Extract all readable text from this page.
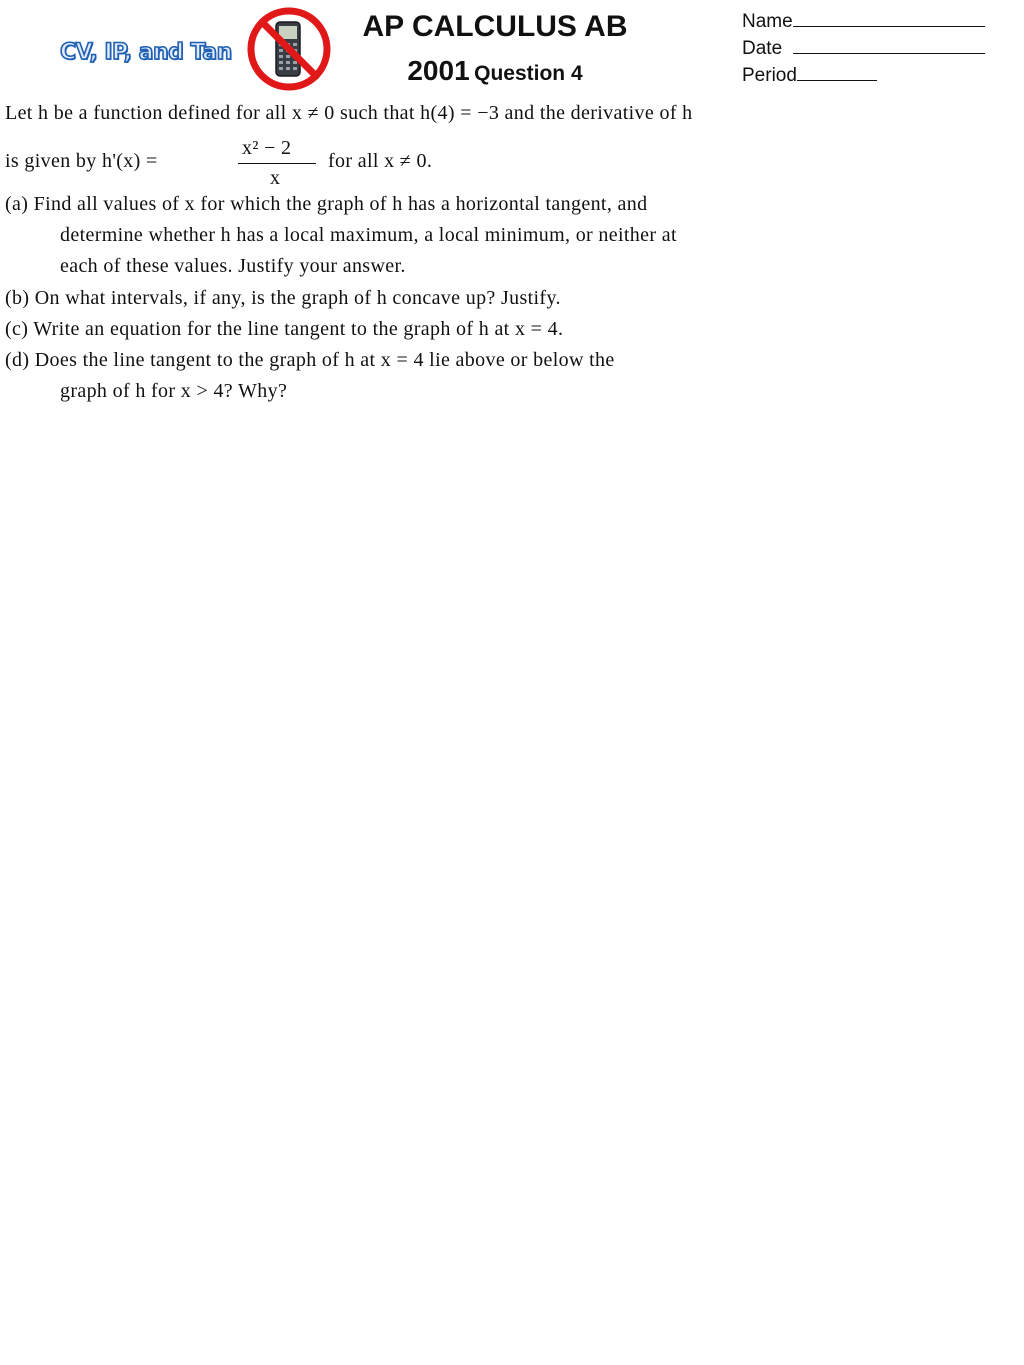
CV, IP, and Tan
AP CALCULUS AB
2001 Question 4
Name
Date
Period
Let h be a function defined for all x ≠ 0 such that h(4) = −3 and the derivative of h
is given by h'(x) =
x² − 2
x
for all x ≠ 0.
(a) Find all values of x for which the graph of h has a horizontal tangent, and
determine whether h has a local maximum, a local minimum, or neither at
each of these values. Justify your answer.
(b) On what intervals, if any, is the graph of h concave up? Justify.
(c) Write an equation for the line tangent to the graph of h at x = 4.
(d) Does the line tangent to the graph of h at x = 4 lie above or below the
graph of h for x > 4? Why?
